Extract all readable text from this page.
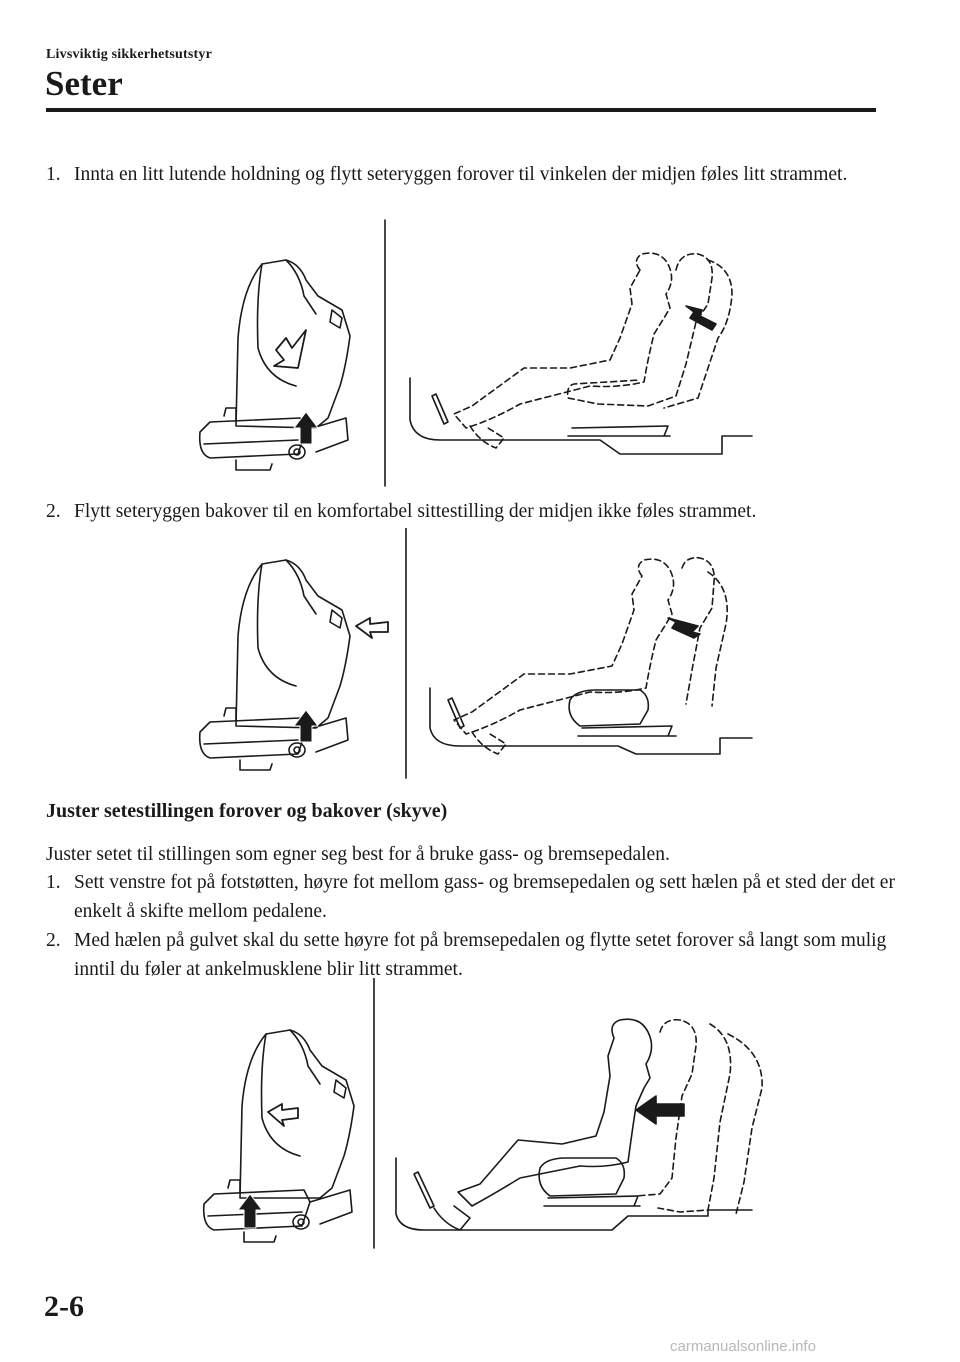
Livsviktig sikkerhetsutstyr
Seter
1. Innta en litt lutende holdning og flytt seteryggen forover til vinkelen der midjen føles litt strammet.
2. Flytt seteryggen bakover til en komfortabel sittestilling der midjen ikke føles strammet.
Juster setestillingen forover og bakover (skyve)
Juster setet til stillingen som egner seg best for å bruke gass- og bremsepedalen.
1. Sett venstre fot på fotstøtten, høyre fot mellom gass- og bremsepedalen og sett hælen på et sted der det er enkelt å skifte mellom pedalene.
2. Med hælen på gulvet skal du sette høyre fot på bremsepedalen og flytte setet forover så langt som mulig inntil du føler at ankelmusklene blir litt strammet.
2-6
carmanualsonline.info
